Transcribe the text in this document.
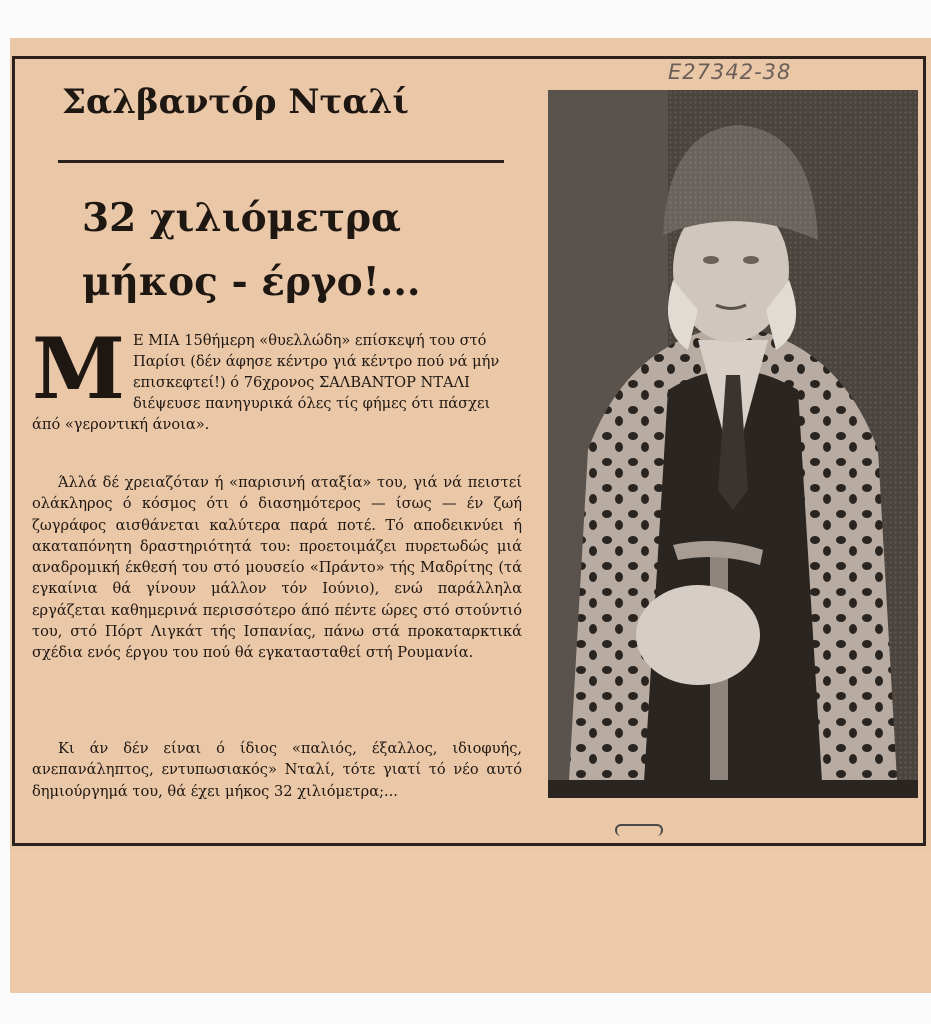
Ε27342-38
Σαλβαντόρ Νταλί
32 χιλιόμετρα
μήκος - έργο!...
Μ Ε ΜΙΑ 15θήμερη «θυελλώδη» επίσκεψή του στό Παρίσι (δέν άφησε κέντρο γιά κέντρο πού νά μήν επισκεφτεί!) ό 76χρονος ΣΑΛΒΑΝΤΟΡ ΝΤΑΛΙ διέψευσε πανηγυρικά όλες τίς φήμες ότι πάσχει άπό «γεροντική άνοια».
Άλλά δέ χρειαζόταν ή «παρισινή αταξία» του, γιά νά πειστεί ολάκληρος ό κόσμος ότι ό διασημότερος — ίσως — έν ζωή ζωγράφος αισθάνεται καλύτερα παρά ποτέ. Τό αποδεικνύει ή ακαταπόνητη δραστηριότητά του: προετοιμάζει πυρετωδώς μιά αναδρομική έκθεσή του στό μουσείο «Πράντο» τής Μαδρίτης (τά εγκαίνια θά γίνουν μάλλον τόν Ιούνιο), ενώ παράλληλα εργάζεται καθημερινά περισσότερο άπό πέντε ώρες στό στούντιό του, στό Πόρτ Λιγκάτ τής Ισπανίας, πάνω στά προκαταρκτικά σχέδια ενός έργου του πού θά εγκατασταθεί στή Ρουμανία.
Κι άν δέν είναι ό ίδιος «παλιός, έξαλλος, ιδιοφυής, ανεπανάληπτος, εντυπωσιακός» Νταλί, τότε γιατί τό νέο αυτό δημιούργημά του, θά έχει μήκος 32 χιλιόμετρα;...
